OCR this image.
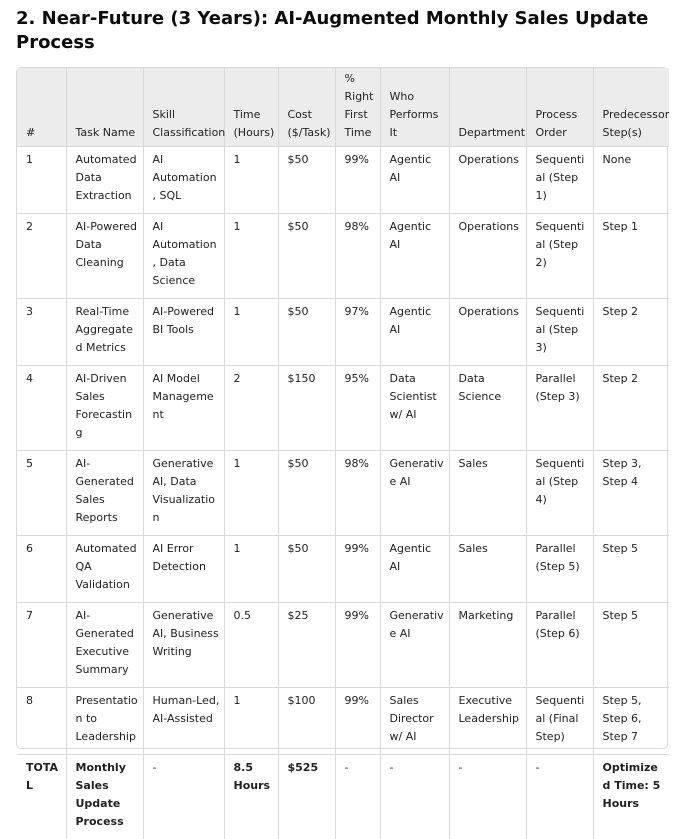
2. Near-Future (3 Years): AI-Augmented Monthly Sales Update Process
#	Task Name	Skill Classification	Time (Hours)	Cost ($/Task)	% Right First Time	Who Performs It	Department	Process Order	Predecessor Step(s)
1	Automated Data Extraction	AI Automation, SQL	1	$50	99%	Agentic AI	Operations	Sequential (Step 1)	None
2	AI-Powered Data Cleaning	AI Automation, Data Science	1	$50	98%	Agentic AI	Operations	Sequential (Step 2)	Step 1
3	Real-Time Aggregated Metrics	AI-Powered BI Tools	1	$50	97%	Agentic AI	Operations	Sequential (Step 3)	Step 2
4	AI-Driven Sales Forecasting	AI Model Management	2	$150	95%	Data Scientist w/ AI	Data Science	Parallel (Step 3)	Step 2
5	AI-Generated Sales Reports	Generative AI, Data Visualization	1	$50	98%	Generative AI	Sales	Sequential (Step 4)	Step 3, Step 4
6	Automated QA Validation	AI Error Detection	1	$50	99%	Agentic AI	Sales	Parallel (Step 5)	Step 5
7	AI-Generated Executive Summary	Generative AI, Business Writing	0.5	$25	99%	Generative AI	Marketing	Parallel (Step 6)	Step 5
8	Presentation to Leadership	Human-Led, AI-Assisted	1	$100	99%	Sales Director w/ AI	Executive Leadership	Sequential (Final Step)	Step 5, Step 6, Step 7
TOTAL	Monthly Sales Update Process	-	8.5 Hours	$525	-	-	-	-	Optimized Time: 5 Hours
